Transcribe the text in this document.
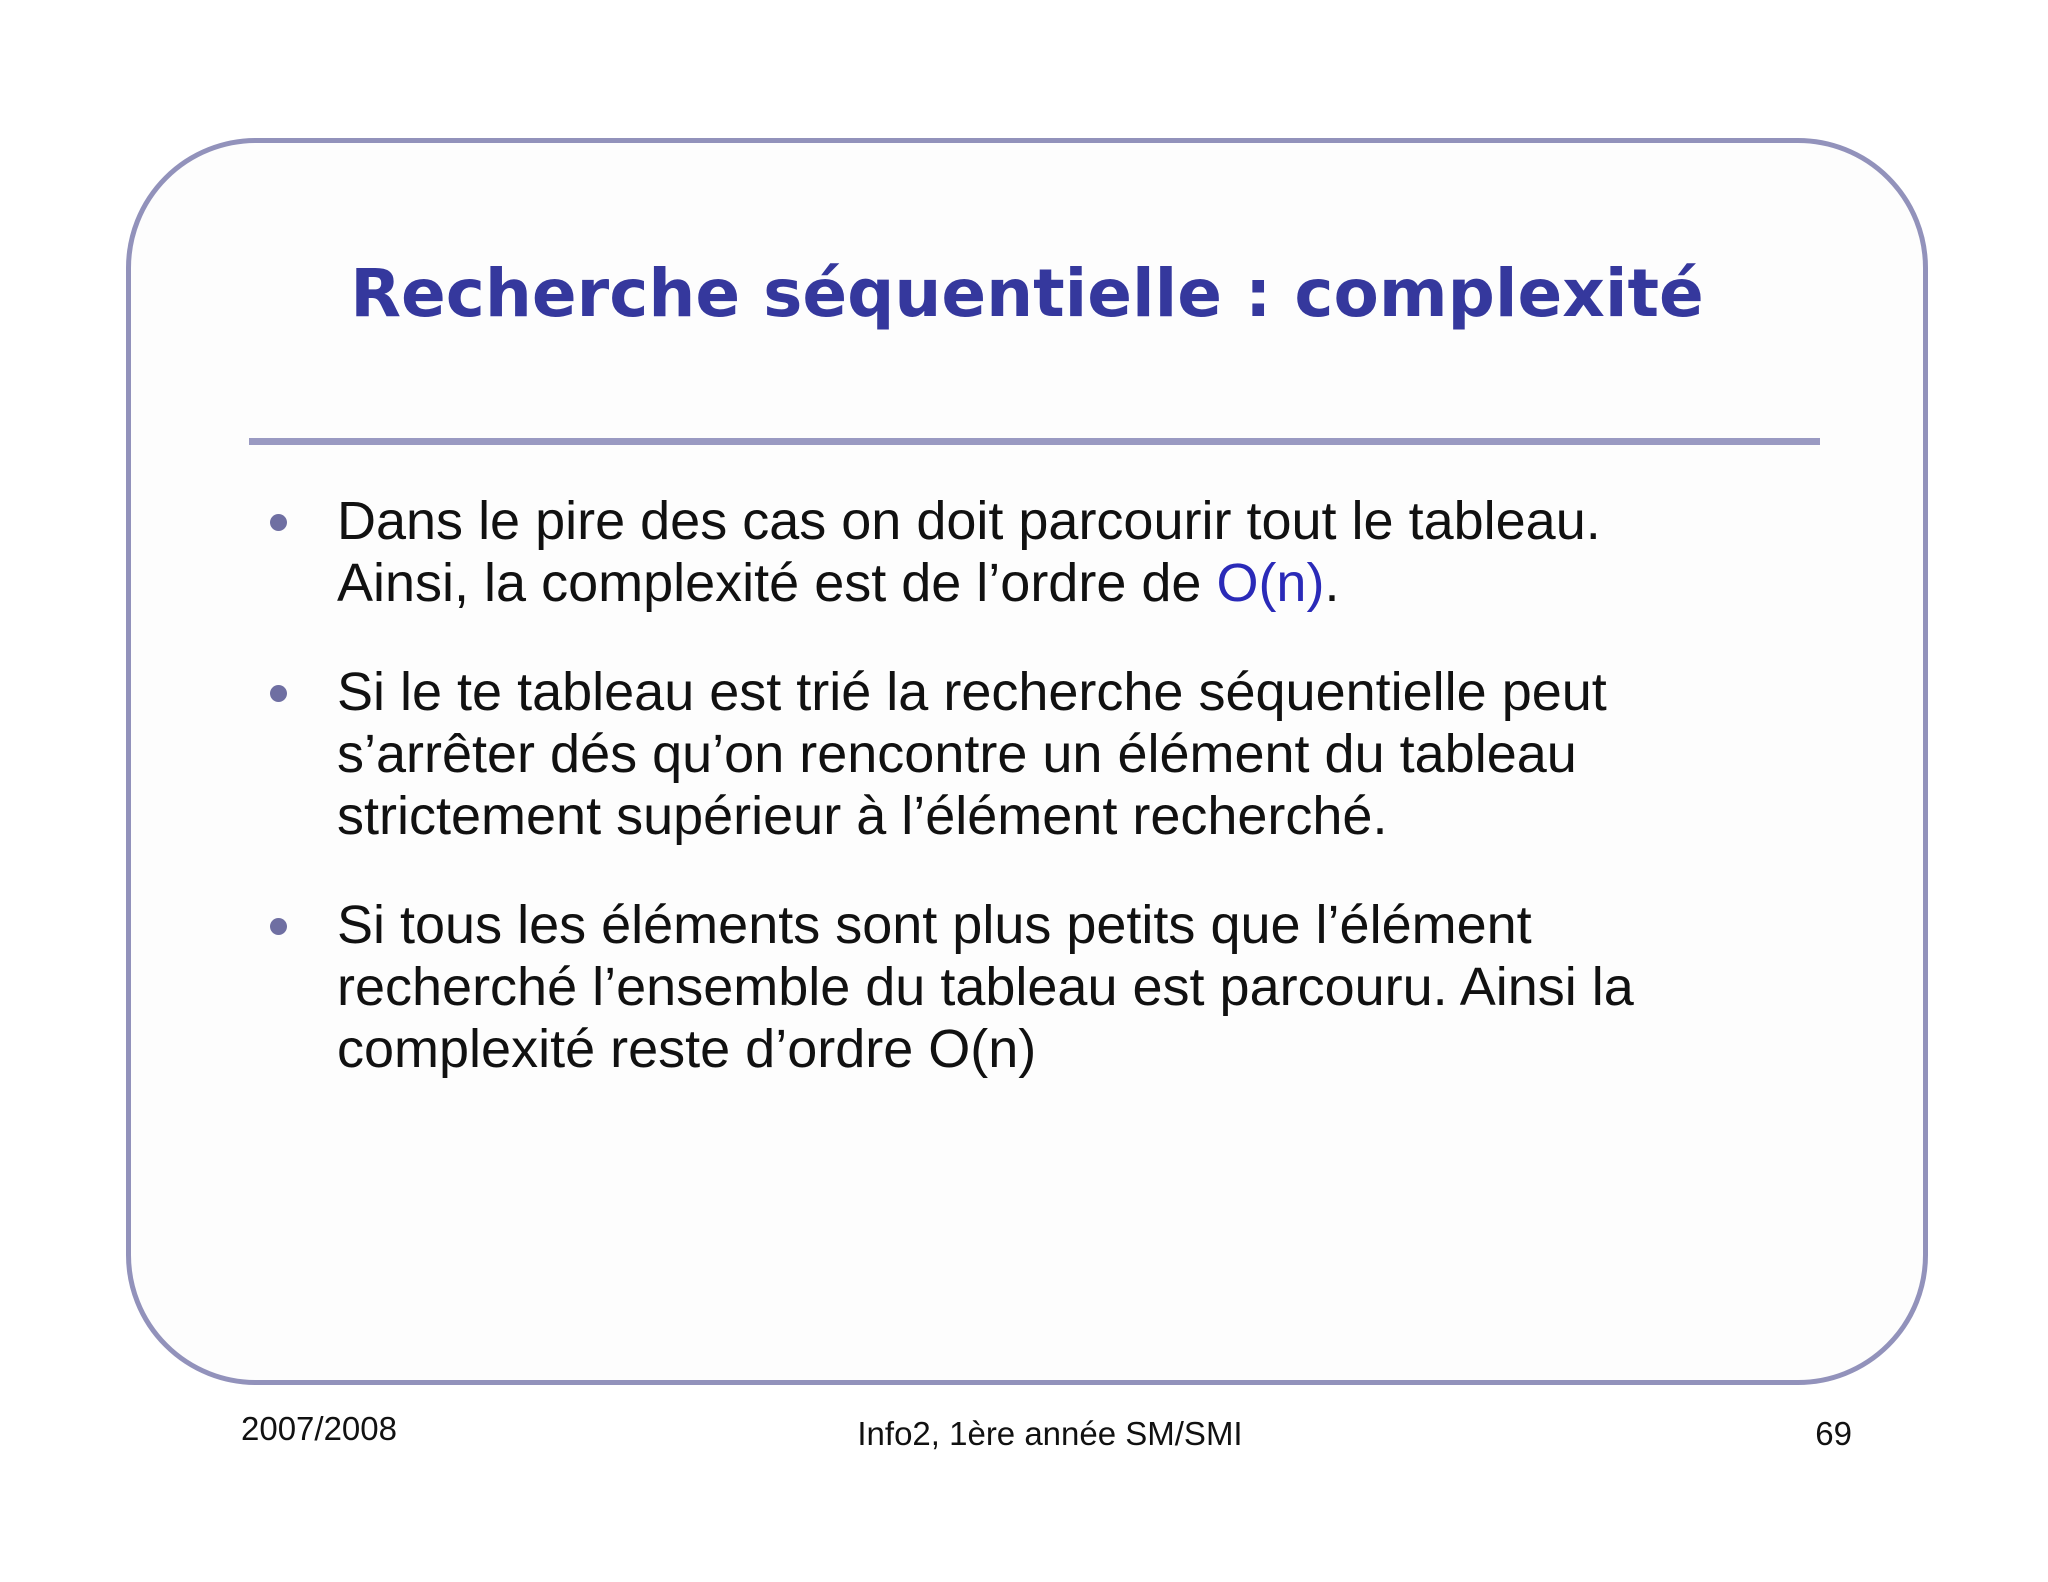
Recherche séquentielle : complexité
Dans le pire des cas on doit parcourir tout le tableau.
Ainsi, la complexité est de l’ordre de O(n).
Si le te tableau est trié la recherche séquentielle peut
s’arrêter dés qu’on rencontre un élément du tableau
strictement supérieur à l’élément recherché.
Si tous les éléments sont plus petits que l’élément
recherché l’ensemble du tableau est parcouru. Ainsi la
complexité reste d’ordre O(n)
2007/2008	Info2, 1ère année SM/SMI	69
